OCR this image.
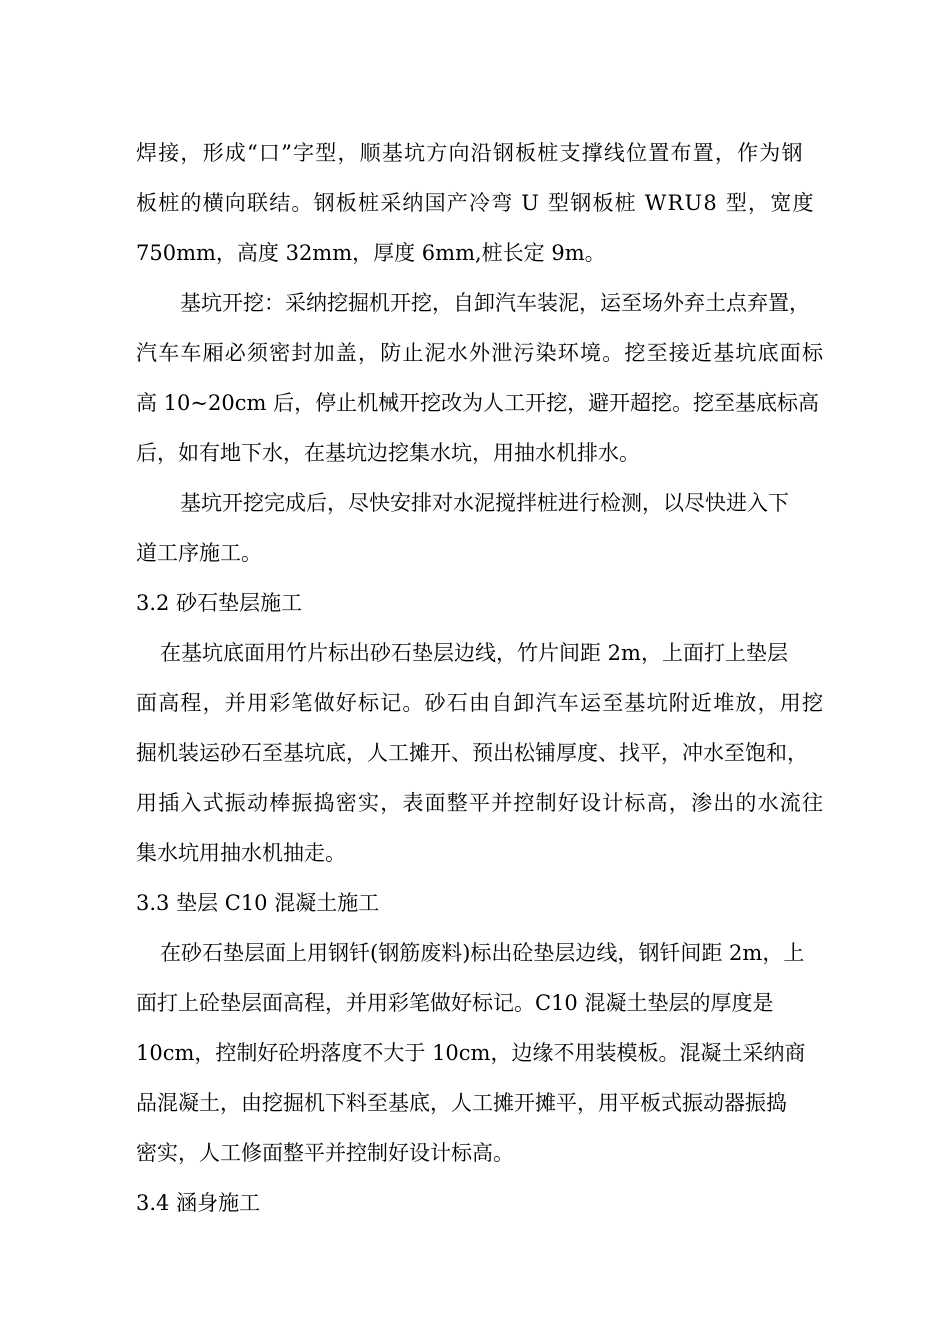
焊接，形成“口”字型，顺基坑方向沿钢板桩支撑线位置布置，作为钢
板桩的横向联结。钢板桩采纳国产冷弯 U 型钢板桩 WRU8 型，宽度
750mm，高度 32mm，厚度 6mm,桩长定 9m。
基坑开挖：采纳挖掘机开挖，自卸汽车装泥，运至场外弃土点弃置，
汽车车厢必须密封加盖，防止泥水外泄污染环境。挖至接近基坑底面标
高 10~20cm 后，停止机械开挖改为人工开挖，避开超挖。挖至基底标高
后，如有地下水，在基坑边挖集水坑，用抽水机排水。
基坑开挖完成后，尽快安排对水泥搅拌桩进行检测，以尽快进入下
道工序施工。
3.2 砂石垫层施工
在基坑底面用竹片标出砂石垫层边线，竹片间距 2m，上面打上垫层
面高程，并用彩笔做好标记。砂石由自卸汽车运至基坑附近堆放，用挖
掘机装运砂石至基坑底，人工摊开、预出松铺厚度、找平，冲水至饱和，
用插入式振动棒振捣密实，表面整平并控制好设计标高，渗出的水流往
集水坑用抽水机抽走。
3.3 垫层 C10 混凝土施工
在砂石垫层面上用钢钎(钢筋废料)标出砼垫层边线，钢钎间距 2m，上
面打上砼垫层面高程，并用彩笔做好标记。C10 混凝土垫层的厚度是
10cm，控制好砼坍落度不大于 10cm，边缘不用装模板。混凝土采纳商
品混凝土，由挖掘机下料至基底，人工摊开摊平，用平板式振动器振捣
密实，人工修面整平并控制好设计标高。
3.4 涵身施工
